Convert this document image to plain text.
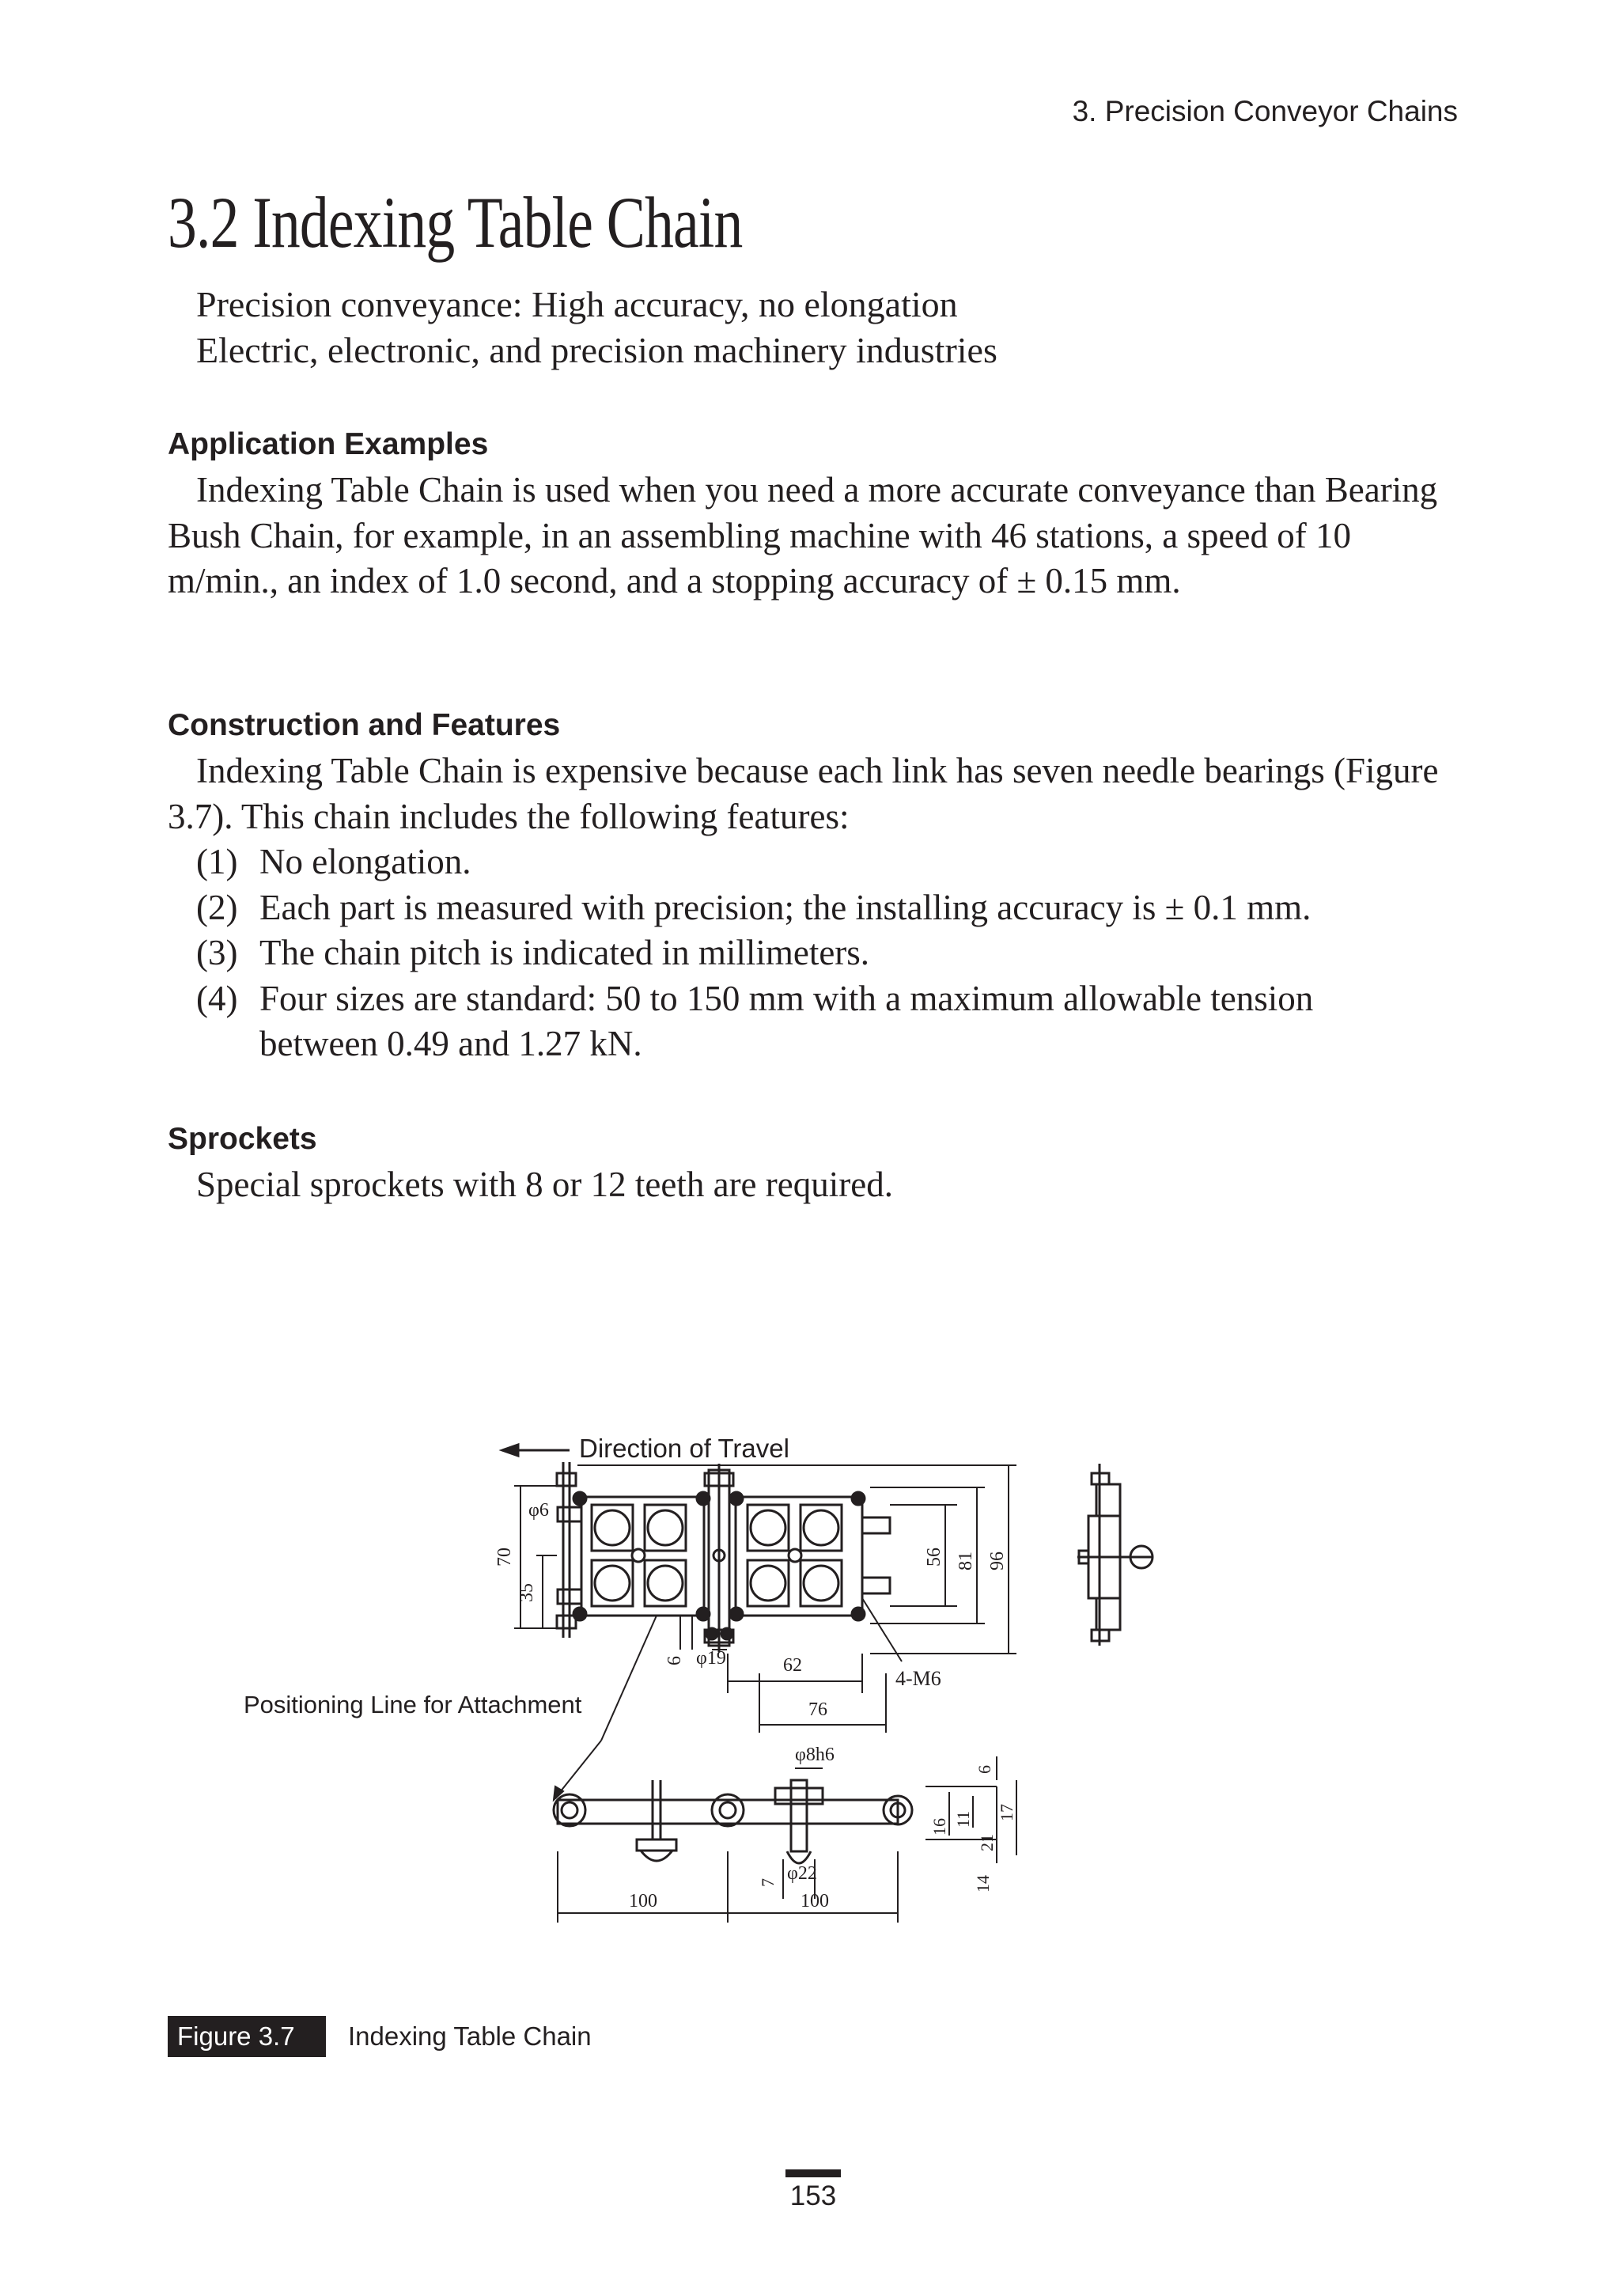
3. Precision Conveyor Chains
3.2 Indexing Table Chain
Precision conveyance: High accuracy, no elongation
Electric, electronic, and precision machinery industries
Application Examples

Indexing Table Chain is used when you need a more accurate conveyance than Bearing Bush Chain, for example, in an assembling machine with 46 stations, a speed of 10 m/min., an index of 1.0 second, and a stopping accuracy of ± 0.15 mm.

Construction and Features

Indexing Table Chain is expensive because each link has seven needle bearings (Figure 3.7). This chain includes the following features:

(1) No elongation.
(2) Each part is measured with precision; the installing accuracy is ± 0.1 mm.
(3) The chain pitch is indicated in millimeters.
(4) Four sizes are standard: 50 to 150 mm with a maximum allowable tension between 0.49 and 1.27 kN.
Sprockets

Special sprockets with 8 or 12 teeth are required.

Direction of Travel
Positioning Line for Attachment
φ6
70
35
6 φ19	62
76
4-M6
56 81 96
φ8h6
6
16 11 17
21
14
7 φ22
100	100
Figure 3.7	Indexing Table Chain
153
